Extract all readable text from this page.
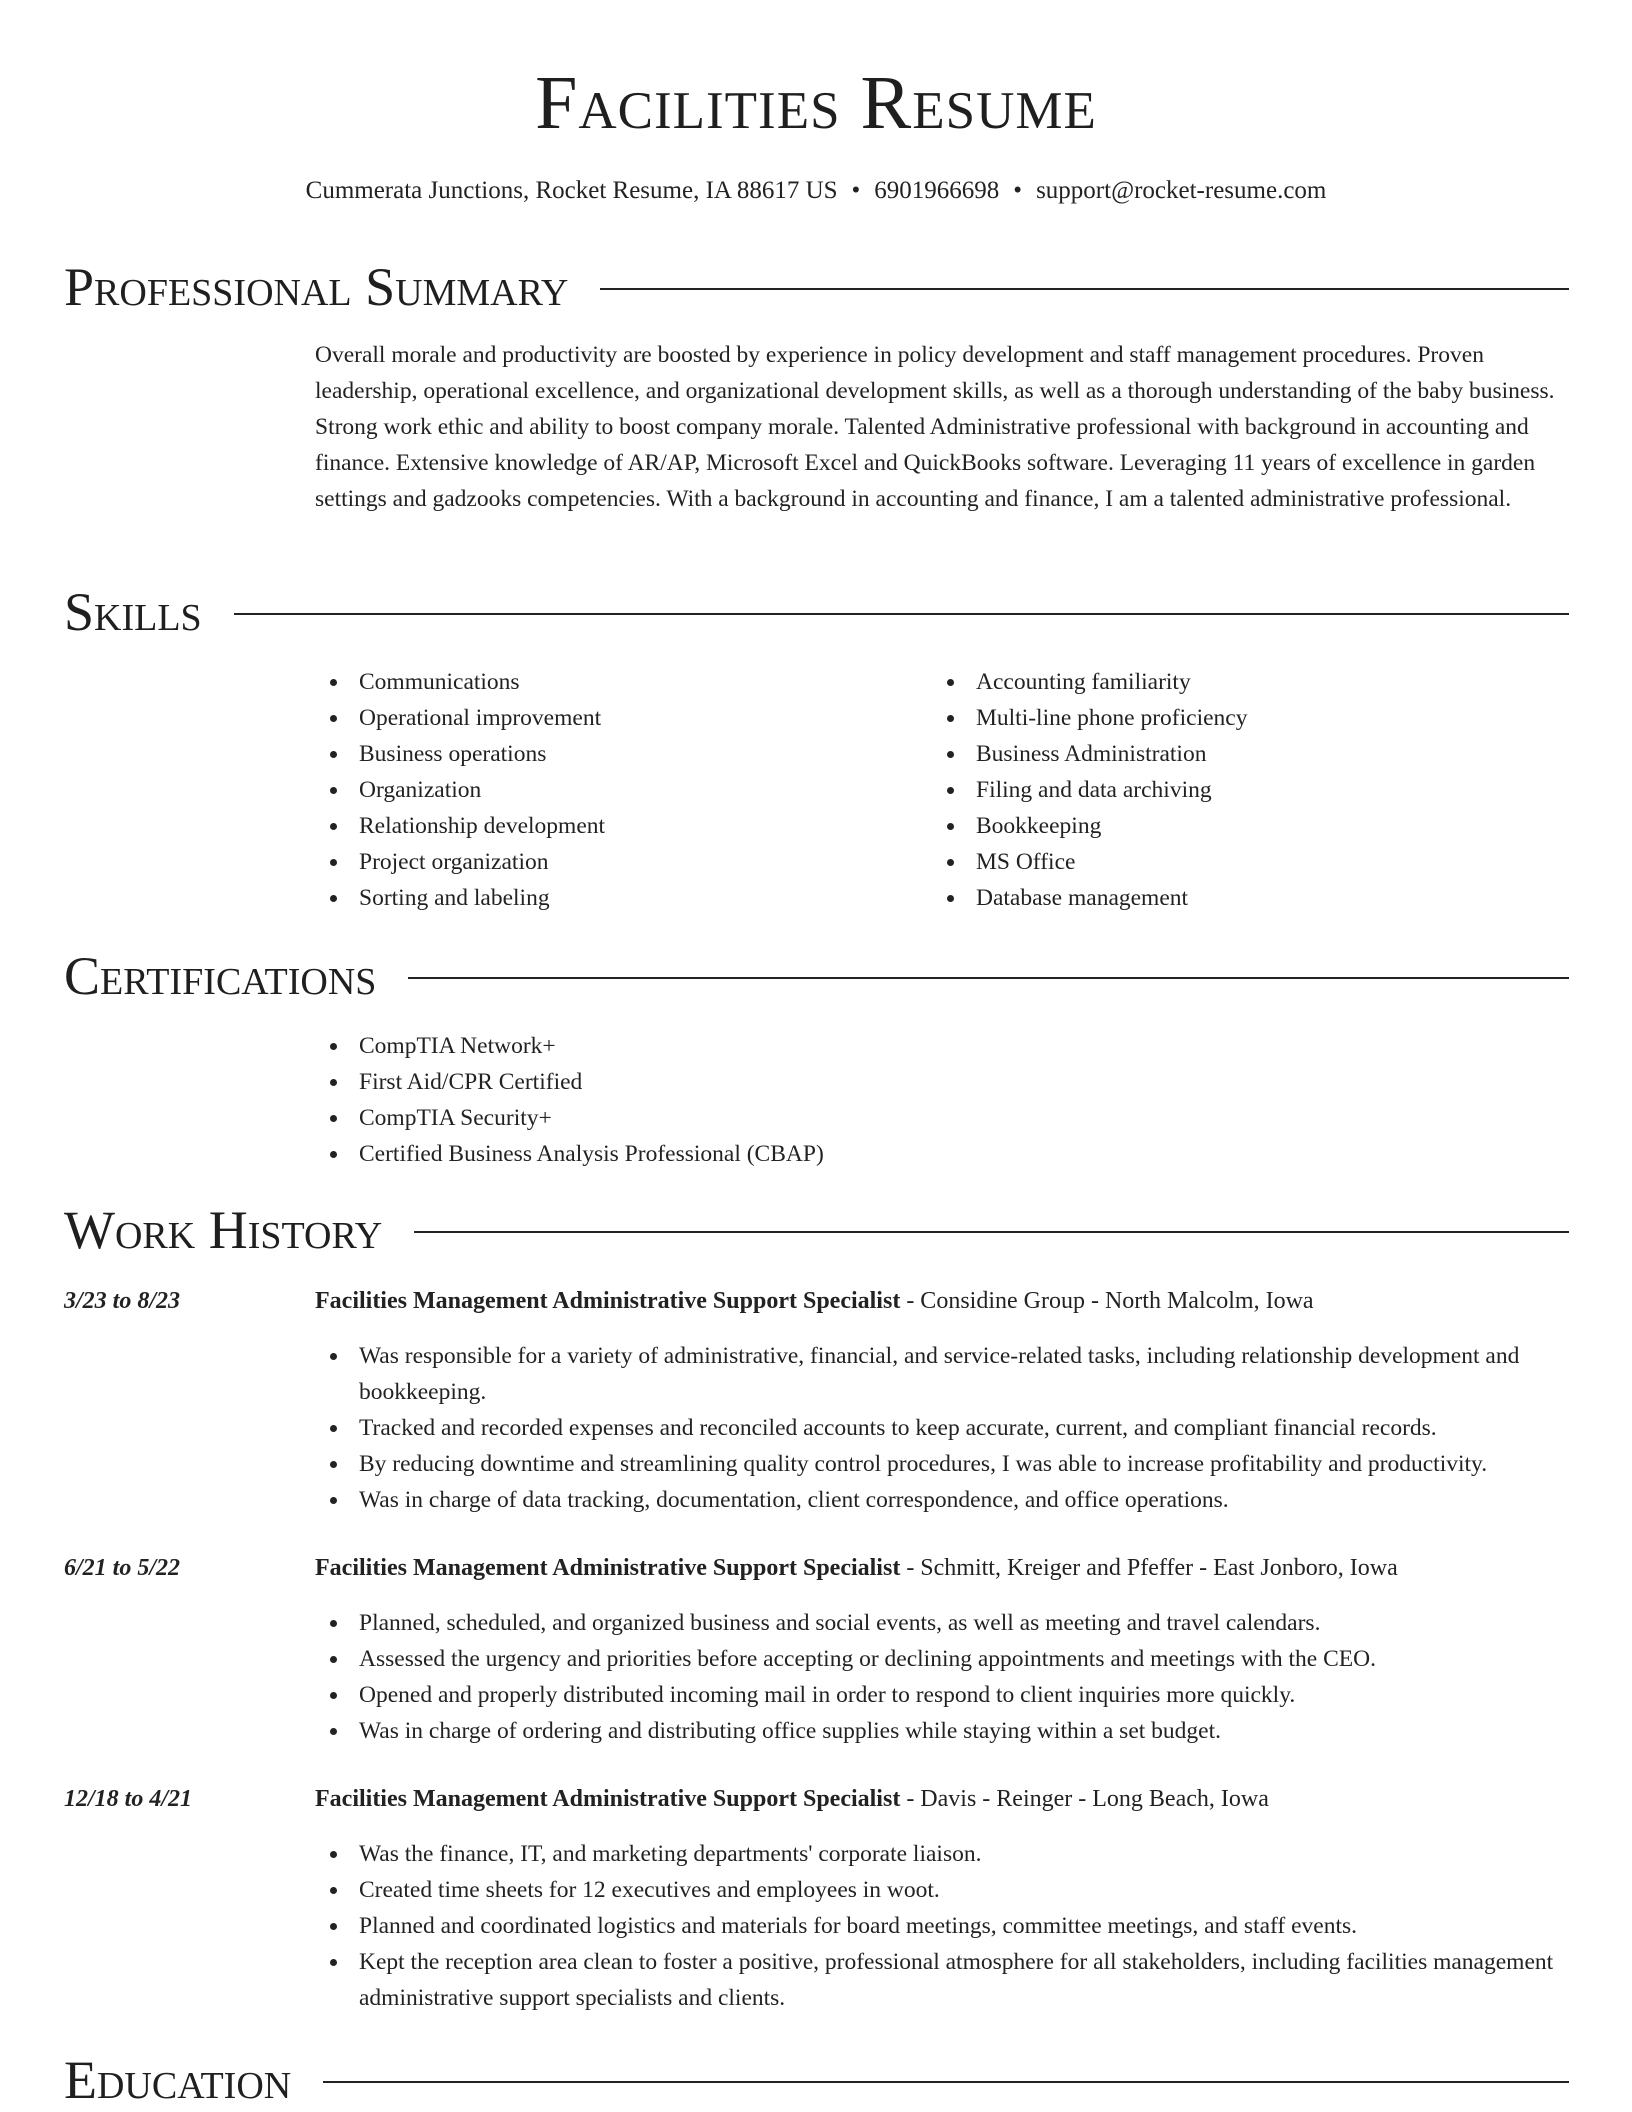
Facilities Resume
Cummerata Junctions, Rocket Resume, IA 88617 US • 6901966698 • support@rocket-resume.com
Professional Summary
Overall morale and productivity are boosted by experience in policy development and staff management procedures. Proven leadership, operational excellence, and organizational development skills, as well as a thorough understanding of the baby business. Strong work ethic and ability to boost company morale. Talented Administrative professional with background in accounting and finance. Extensive knowledge of AR/AP, Microsoft Excel and QuickBooks software. Leveraging 11 years of excellence in garden settings and gadzooks competencies. With a background in accounting and finance, I am a talented administrative professional.
Skills
Communications
Operational improvement
Business operations
Organization
Relationship development
Project organization
Sorting and labeling
Accounting familiarity
Multi-line phone proficiency
Business Administration
Filing and data archiving
Bookkeeping
MS Office
Database management
Certifications
CompTIA Network+
First Aid/CPR Certified
CompTIA Security+
Certified Business Analysis Professional (CBAP)
Work History
3/23 to 8/23	Facilities Management Administrative Support Specialist - Considine Group - North Malcolm, Iowa
Was responsible for a variety of administrative, financial, and service-related tasks, including relationship development and bookkeeping.
Tracked and recorded expenses and reconciled accounts to keep accurate, current, and compliant financial records.
By reducing downtime and streamlining quality control procedures, I was able to increase profitability and productivity.
Was in charge of data tracking, documentation, client correspondence, and office operations.
6/21 to 5/22	Facilities Management Administrative Support Specialist - Schmitt, Kreiger and Pfeffer - East Jonboro, Iowa
Planned, scheduled, and organized business and social events, as well as meeting and travel calendars.
Assessed the urgency and priorities before accepting or declining appointments and meetings with the CEO.
Opened and properly distributed incoming mail in order to respond to client inquiries more quickly.
Was in charge of ordering and distributing office supplies while staying within a set budget.
12/18 to 4/21	Facilities Management Administrative Support Specialist - Davis - Reinger - Long Beach, Iowa
Was the finance, IT, and marketing departments' corporate liaison.
Created time sheets for 12 executives and employees in woot.
Planned and coordinated logistics and materials for board meetings, committee meetings, and staff events.
Kept the reception area clean to foster a positive, professional atmosphere for all stakeholders, including facilities management administrative support specialists and clients.
Education
